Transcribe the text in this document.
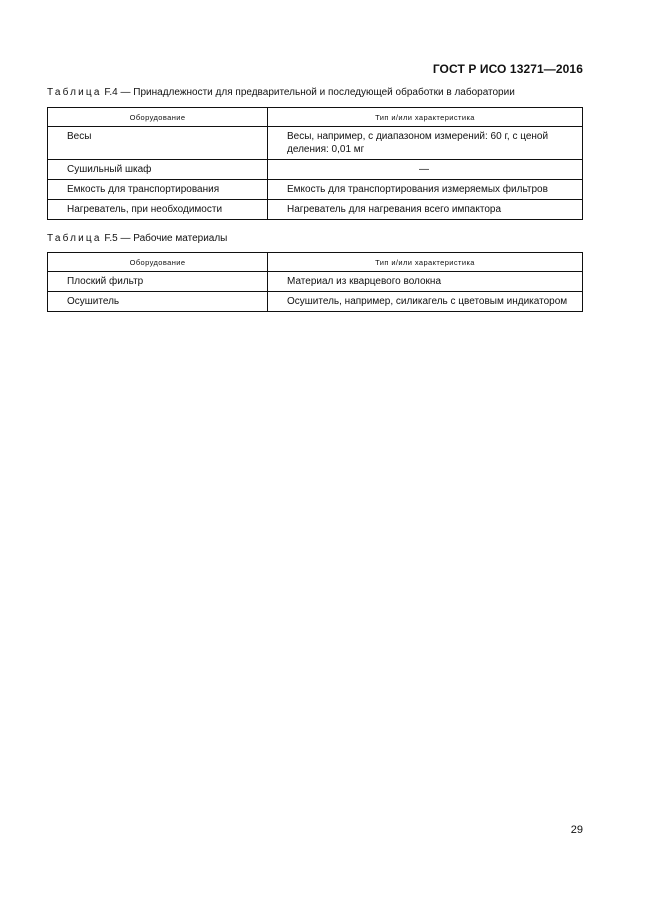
ГОСТ Р ИСО 13271—2016
Таблица F.4 — Принадлежности для предварительной и последующей обработки в лаборатории
Оборудование	Тип и/или характеристика
Весы	Весы, например, с диапазоном измерений: 60 г, с ценой деления: 0,01 мг
Сушильный шкаф	—
Емкость для транспортирования	Емкость для транспортирования измеряемых фильтров
Нагреватель, при необходимости	Нагреватель для нагревания всего импактора
Таблица F.5 — Рабочие материалы
Оборудование	Тип и/или характеристика
Плоский фильтр	Материал из кварцевого волокна
Осушитель	Осушитель, например, силикагель с цветовым индикатором
29
